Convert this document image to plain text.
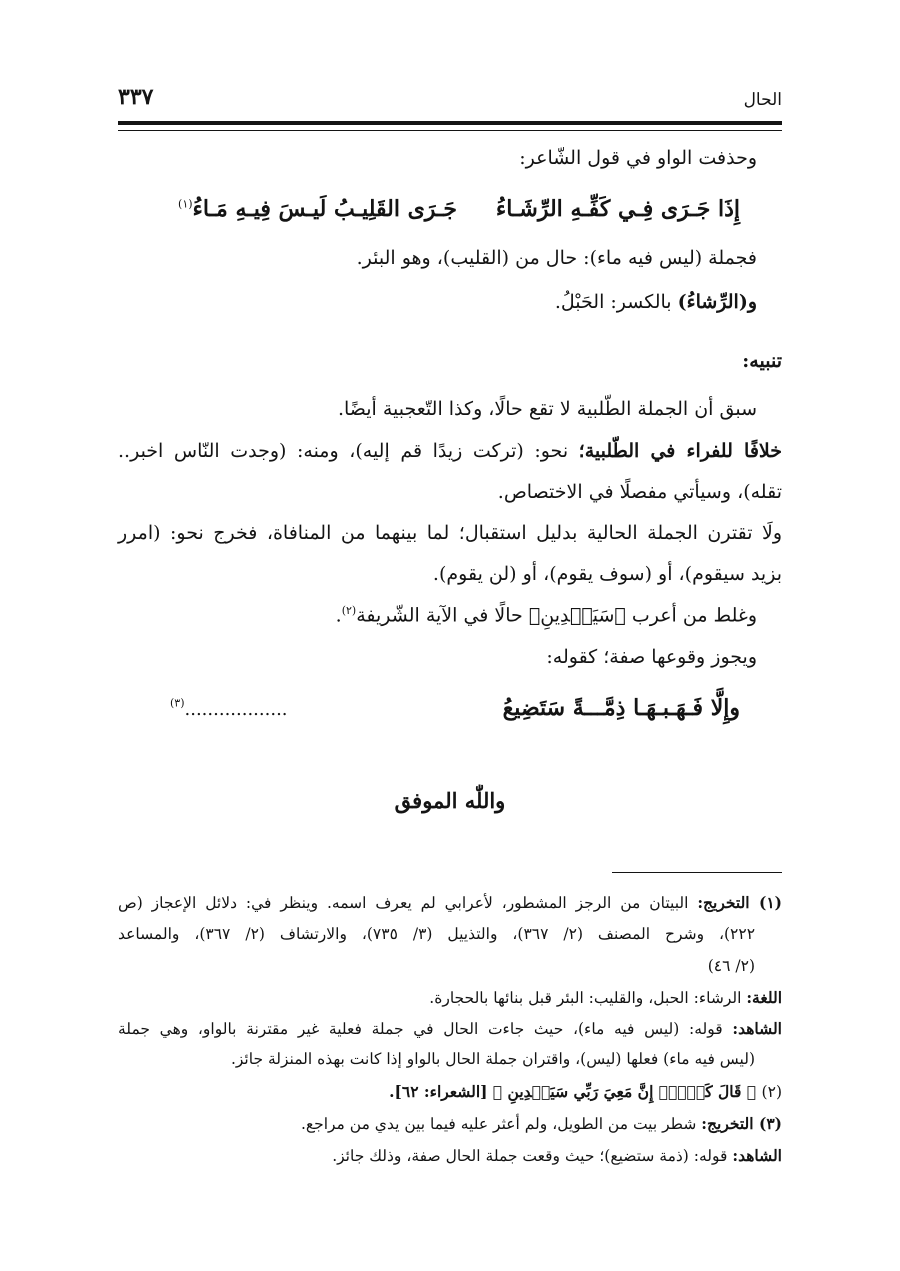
الحال
٣٣٧
وحذفت الواو في قول الشّاعر:
إِذَا جَـرَى فِـي كَفِّـهِ الرِّشَـاءُ
جَـرَى القَلِيـبُ لَيـسَ فِيـهِ مَـاءُ$^{(١)}$
فجملة (ليس فيه ماء): حال من (القليب)، وهو البئر.
و(الرِّشاءُ) بالكسر: الحَبْلُ.
تنبيه:
سبق أن الجملة الطّلبية لا تقع حالًا، وكذا التّعجبية أيضًا.
خلافًا للفراء في الطّلبية؛ نحو: (تركت زيدًا قم إليه)، ومنه: (وجدت النّاس اخبر..
تقله)، وسيأتي مفصلًا في الاختصاص.
ولَا تقترن الجملة الحالية بدليل استقبال؛ لما بينهما من المنافاة، فخرج نحو: (امرر
بزيد سيقوم)، أو (سوف يقوم)، أو (لن يقوم).
وغلط من أعرب ﴿سَيَهۡدِينِ﴾ حالًا في الآية الشّريفة$^{(٢)}$.
ويجوز وقوعها صفة؛ كقوله:
وإِلَّا فَـهَـبـهَـا ذِمَّـــةً سَتَضِيعُ
..................$^{(٣)}$
واللّٰه الموفق
(١) التخريج: البيتان من الرجز المشطور، لأعرابي لم يعرف اسمه. وينظر في: دلائل الإعجاز (ص
٢٢٢)، وشرح المصنف (٢/ ٣٦٧)، والتذييل (٣/ ٧٣٥)، والارتشاف (٢/ ٣٦٧)، والمساعد
(٢/ ٤٦)
اللغة: الرشاء: الحبل، والقليب: البئر قبل بنائها بالحجارة.
الشاهد: قوله: (ليس فيه ماء)، حيث جاءت الحال في جملة فعلية غير مقترنة بالواو، وهي جملة
(ليس فيه ماء) فعلها (ليس)، واقتران جملة الحال بالواو إذا كانت بهذه المنزلة جائز.
(٢) ﴿ قَالَ كَلَّآۖ إِنَّ مَعِيَ رَبِّي سَيَهۡدِينِ ﴾ [الشعراء: ٦٢].
(٣) التخريج: شطر بيت من الطويل، ولم أعثر عليه فيما بين يدي من مراجع.
الشاهد: قوله: (ذمة ستضيع)؛ حيث وقعت جملة الحال صفة، وذلك جائز.
